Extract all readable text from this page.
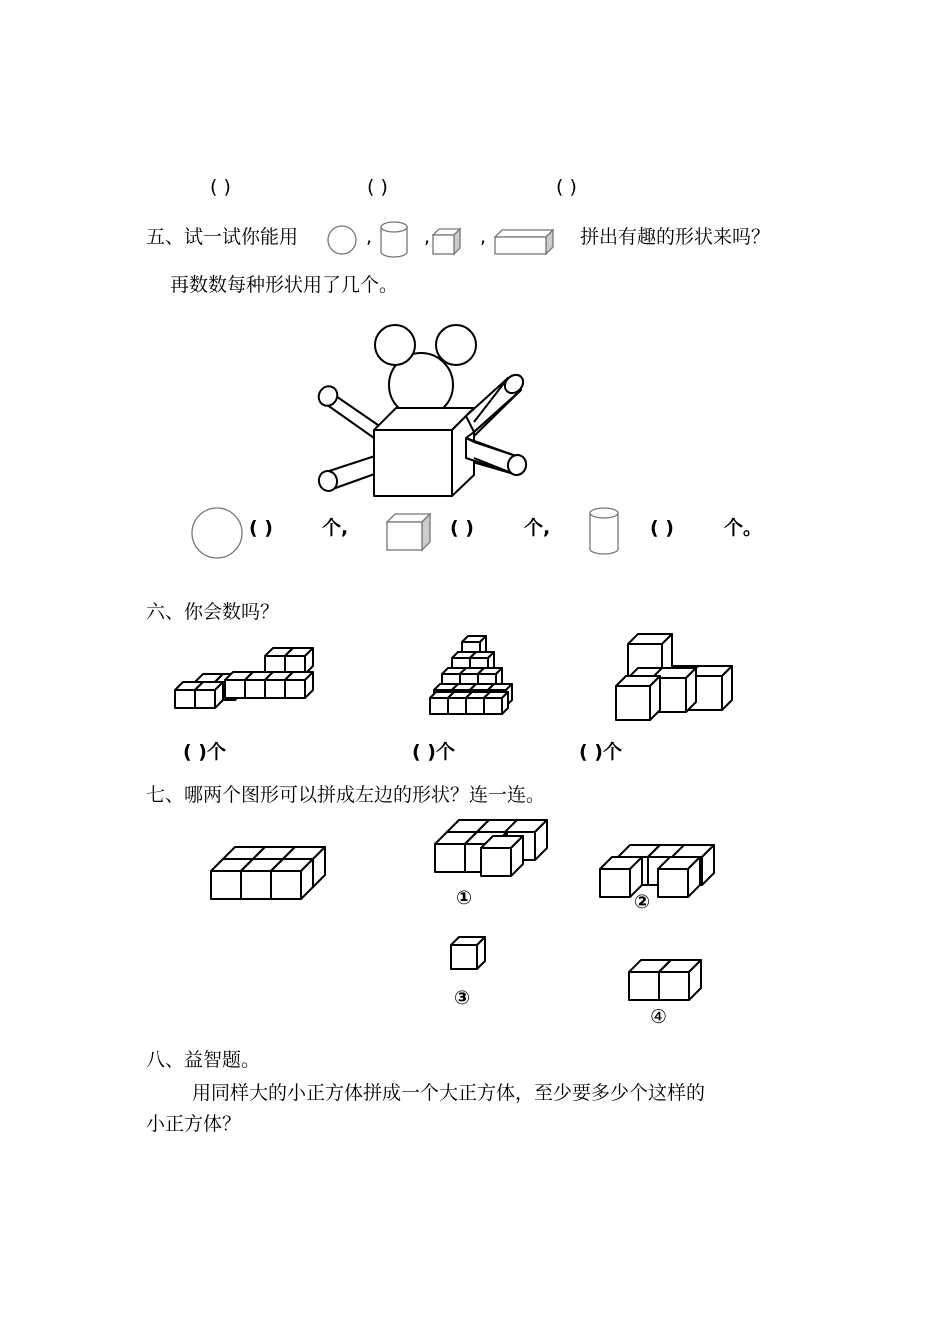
( )	( )	( )
五、试一试你能用	,	,	,	拼出有趣的形状来吗？
再数数每种形状用了几个。
( )	个,	( )	个,	( )	个。
六、你会数吗？
( )个	( )个	( )个
七、哪两个图形可以拼成左边的形状？连一连。
①	②
③
④
八、益智题。
用同样大的小正方体拼成一个大正方体，至少要多少个这样的
小正方体？
